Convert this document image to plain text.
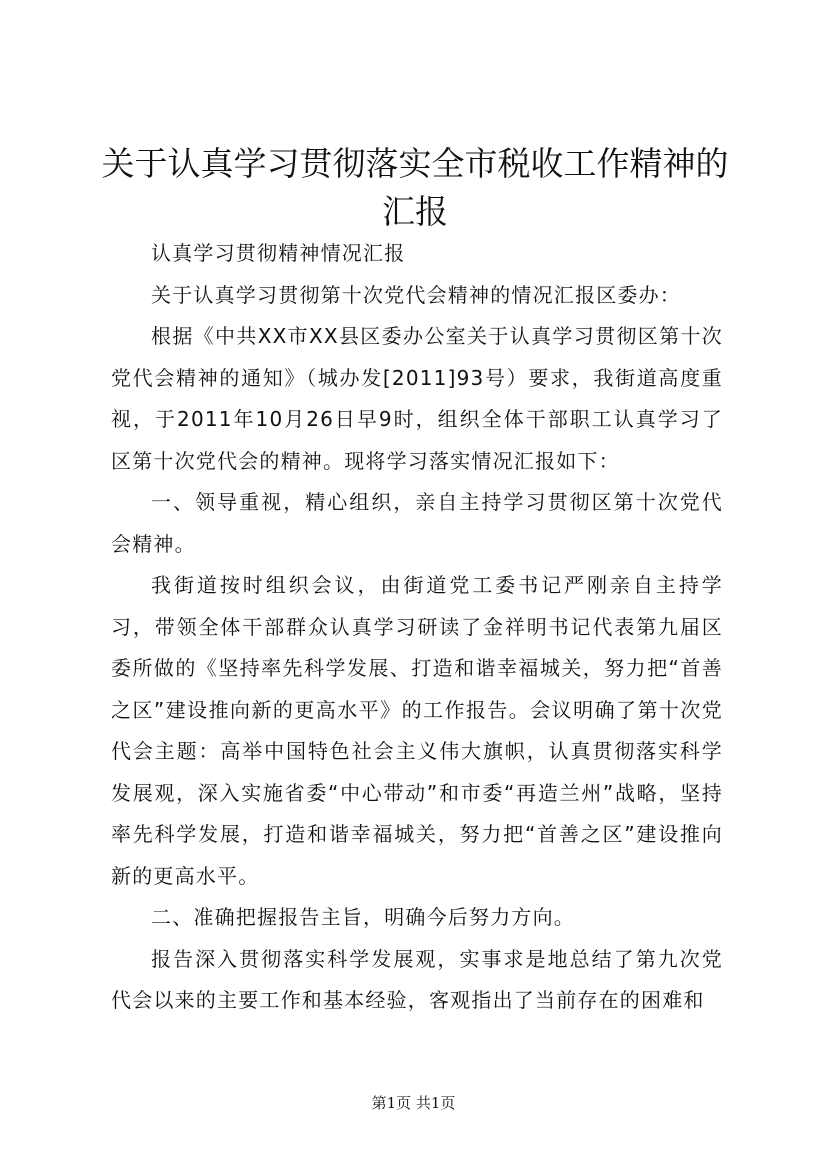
关于认真学习贯彻落实全市税收工作精神的汇报

认真学习贯彻精神情况汇报

关于认真学习贯彻第十次党代会精神的情况汇报区委办：

根据《中共XX市XX县区委办公室关于认真学习贯彻区第十次党代会精神的通知》（城办发[2011]93号）要求，我街道高度重视，于2011年10月26日早9时，组织全体干部职工认真学习了区第十次党代会的精神。现将学习落实情况汇报如下：

一、领导重视，精心组织，亲自主持学习贯彻区第十次党代会精神。

我街道按时组织会议，由街道党工委书记严刚亲自主持学习，带领全体干部群众认真学习研读了金祥明书记代表第九届区委所做的《坚持率先科学发展、打造和谐幸福城关，努力把“首善之区”建设推向新的更高水平》的工作报告。会议明确了第十次党代会主题：高举中国特色社会主义伟大旗帜，认真贯彻落实科学发展观，深入实施省委“中心带动”和市委“再造兰州”战略，坚持率先科学发展，打造和谐幸福城关，努力把“首善之区”建设推向新的更高水平。

二、准确把握报告主旨，明确今后努力方向。

报告深入贯彻落实科学发展观，实事求是地总结了第九次党代会以来的主要工作和基本经验，客观指出了当前存在的困难和

第1页 共1页
